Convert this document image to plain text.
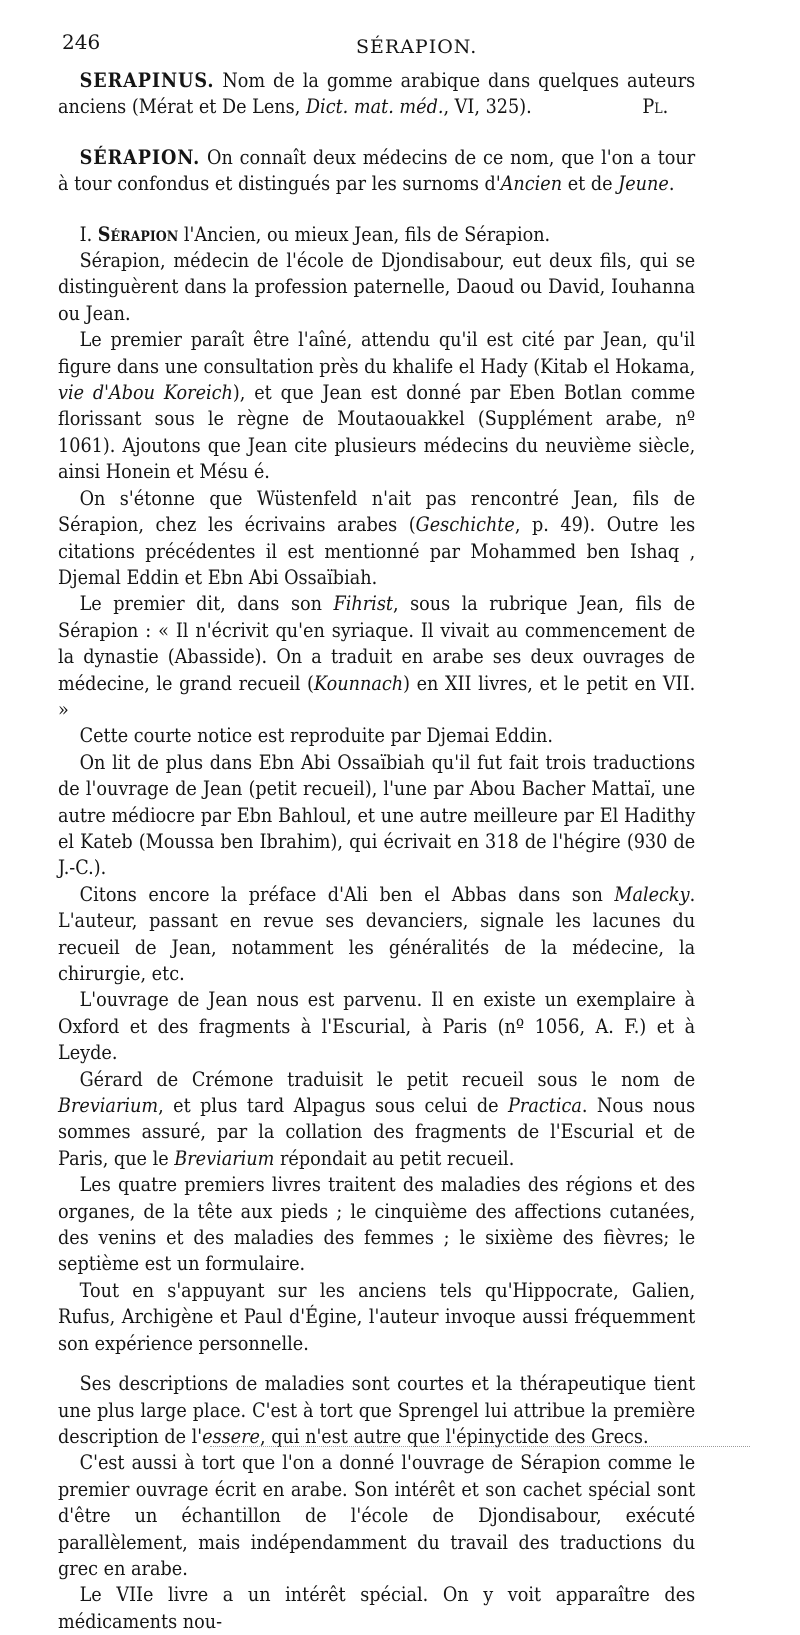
246	SÉRAPION.

SERAPINUS. Nom de la gomme arabique dans quelques auteurs anciens (Mérat et De Lens, Dict. mat. méd., VI, 325).	Pl.

SÉRAPION. On connaît deux médecins de ce nom, que l'on a tour à tour confondus et distingués par les surnoms d'Ancien et de Jeune.

I. Sérapion l'Ancien, ou mieux Jean, fils de Sérapion.

Sérapion, médecin de l'école de Djondisabour, eut deux fils, qui se distinguèrent dans la profession paternelle, Daoud ou David, Iouhanna ou Jean.

Le premier paraît être l'aîné, attendu qu'il est cité par Jean, qu'il figure dans une consultation près du khalife el Hady (Kitab el Hokama, vie d'Abou Koreich), et que Jean est donné par Eben Botlan comme florissant sous le règne de Moutaouakkel (Supplément arabe, nº 1061). Ajoutons que Jean cite plusieurs médecins du neuvième siècle, ainsi Honein et Mésu é.

On s'étonne que Wüstenfeld n'ait pas rencontré Jean, fils de Sérapion, chez les écrivains arabes (Geschichte, p. 49). Outre les citations précédentes il est mentionné par Mohammed ben Ishaq , Djemal Eddin et Ebn Abi Ossaïbiah.

Le premier dit, dans son Fihrist, sous la rubrique Jean, fils de Sérapion : « Il n'écrivit qu'en syriaque. Il vivait au commencement de la dynastie (Abasside). On a traduit en arabe ses deux ouvrages de médecine, le grand recueil (Kounnach) en XII livres, et le petit en VII. »

Cette courte notice est reproduite par Djemai Eddin.

On lit de plus dans Ebn Abi Ossaïbiah qu'il fut fait trois traductions de l'ouvrage de Jean (petit recueil), l'une par Abou Bacher Mattaï, une autre médiocre par Ebn Bahloul, et une autre meilleure par El Hadithy el Kateb (Moussa ben Ibrahim), qui écrivait en 318 de l'hégire (930 de J.-C.).

Citons encore la préface d'Ali ben el Abbas dans son Malecky. L'auteur, passant en revue ses devanciers, signale les lacunes du recueil de Jean, notamment les généralités de la médecine, la chirurgie, etc.

L'ouvrage de Jean nous est parvenu. Il en existe un exemplaire à Oxford et des fragments à l'Escurial, à Paris (nº 1056, A. F.) et à Leyde.

Gérard de Crémone traduisit le petit recueil sous le nom de Breviarium, et plus tard Alpagus sous celui de Practica. Nous nous sommes assuré, par la collation des fragments de l'Escurial et de Paris, que le Breviarium répondait au petit recueil.

Les quatre premiers livres traitent des maladies des régions et des organes, de la tête aux pieds ; le cinquième des affections cutanées, des venins et des maladies des femmes ; le sixième des fièvres; le septième est un formulaire.

Tout en s'appuyant sur les anciens tels qu'Hippocrate, Galien, Rufus, Archigène et Paul d'Égine, l'auteur invoque aussi fréquemment son expérience personnelle.

Ses descriptions de maladies sont courtes et la thérapeutique tient une plus large place. C'est à tort que Sprengel lui attribue la première description de l'essere, qui n'est autre que l'épinyctide des Grecs.

C'est aussi à tort que l'on a donné l'ouvrage de Sérapion comme le premier ouvrage écrit en arabe. Son intérêt et son cachet spécial sont d'être un échantillon de l'école de Djondisabour, exécuté parallèlement, mais indépendamment du travail des traductions du grec en arabe.

Le VIIe livre a un intérêt spécial. On y voit apparaître des médicaments nou-
